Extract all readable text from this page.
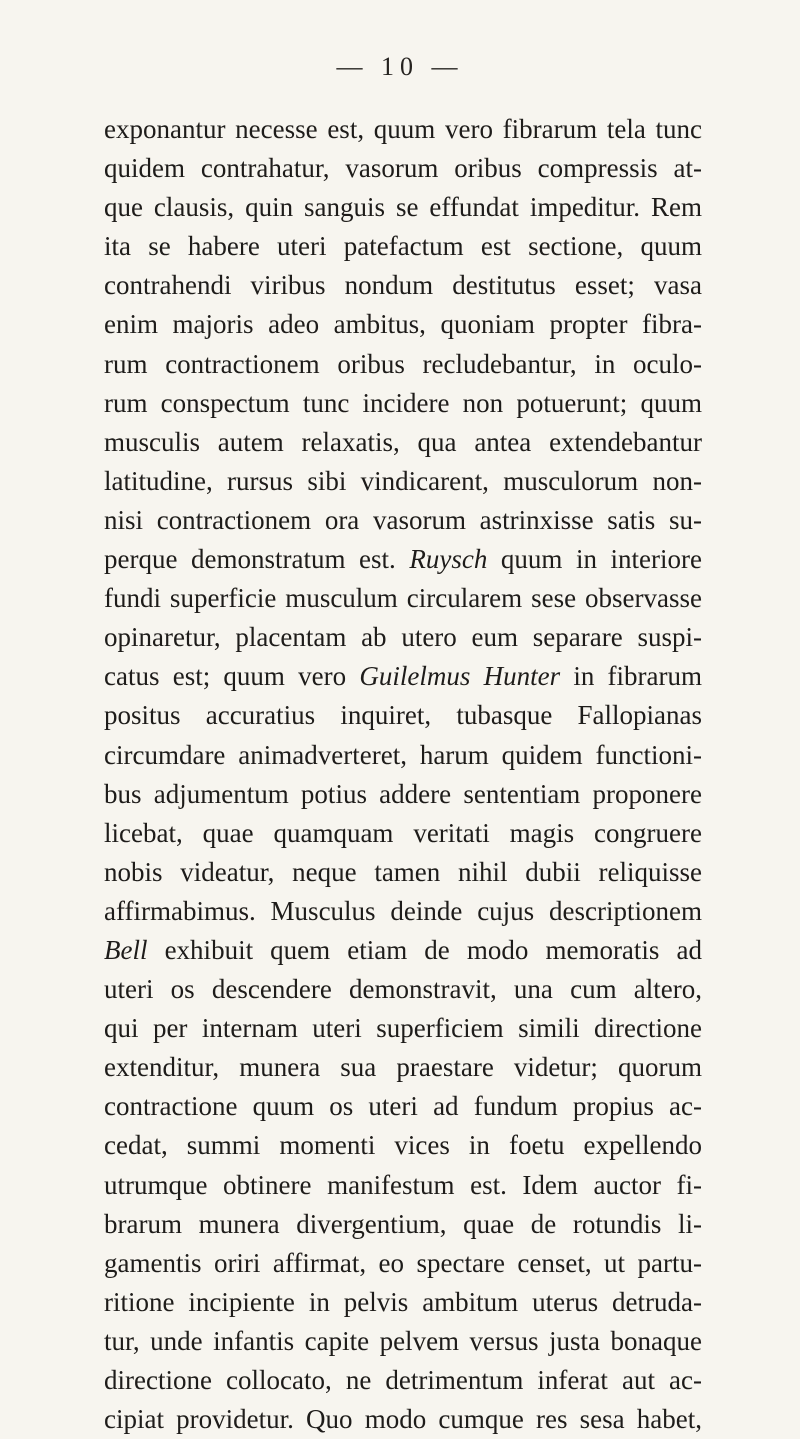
— 10 —
exponantur necesse est, quum vero fibrarum tela tunc
quidem contrahatur, vasorum oribus compressis at-
que clausis, quin sanguis se effundat impeditur. Rem
ita se habere uteri patefactum est sectione, quum
contrahendi viribus nondum destitutus esset; vasa
enim majoris adeo ambitus, quoniam propter fibra-
rum contractionem oribus recludebantur, in oculo-
rum conspectum tunc incidere non potuerunt; quum
musculis autem relaxatis, qua antea extendebantur
latitudine, rursus sibi vindicarent, musculorum non-
nisi contractionem ora vasorum astrinxisse satis su-
perque demonstratum est. Ruysch quum in interiore
fundi superficie musculum circularem sese observasse
opinaretur, placentam ab utero eum separare suspi-
catus est; quum vero Guilelmus Hunter in fibrarum
positus accuratius inquiret, tubasque Fallopianas
circumdare animadverteret, harum quidem functioni-
bus adjumentum potius addere sententiam proponere
licebat, quae quamquam veritati magis congruere
nobis videatur, neque tamen nihil dubii reliquisse
affirmabimus. Musculus deinde cujus descriptionem
Bell exhibuit quem etiam de modo memoratis ad
uteri os descendere demonstravit, una cum altero,
qui per internam uteri superficiem simili directione
extenditur, munera sua praestare videtur; quorum
contractione quum os uteri ad fundum propius ac-
cedat, summi momenti vices in foetu expellendo
utrumque obtinere manifestum est. Idem auctor fi-
brarum munera divergentium, quae de rotundis li-
gamentis oriri affirmat, eo spectare censet, ut partu-
ritione incipiente in pelvis ambitum uterus detruda-
tur, unde infantis capite pelvem versus justa bonaque
directione collocato, ne detrimentum inferat aut ac-
cipiat providetur. Quo modo cumque res sesa habet,
